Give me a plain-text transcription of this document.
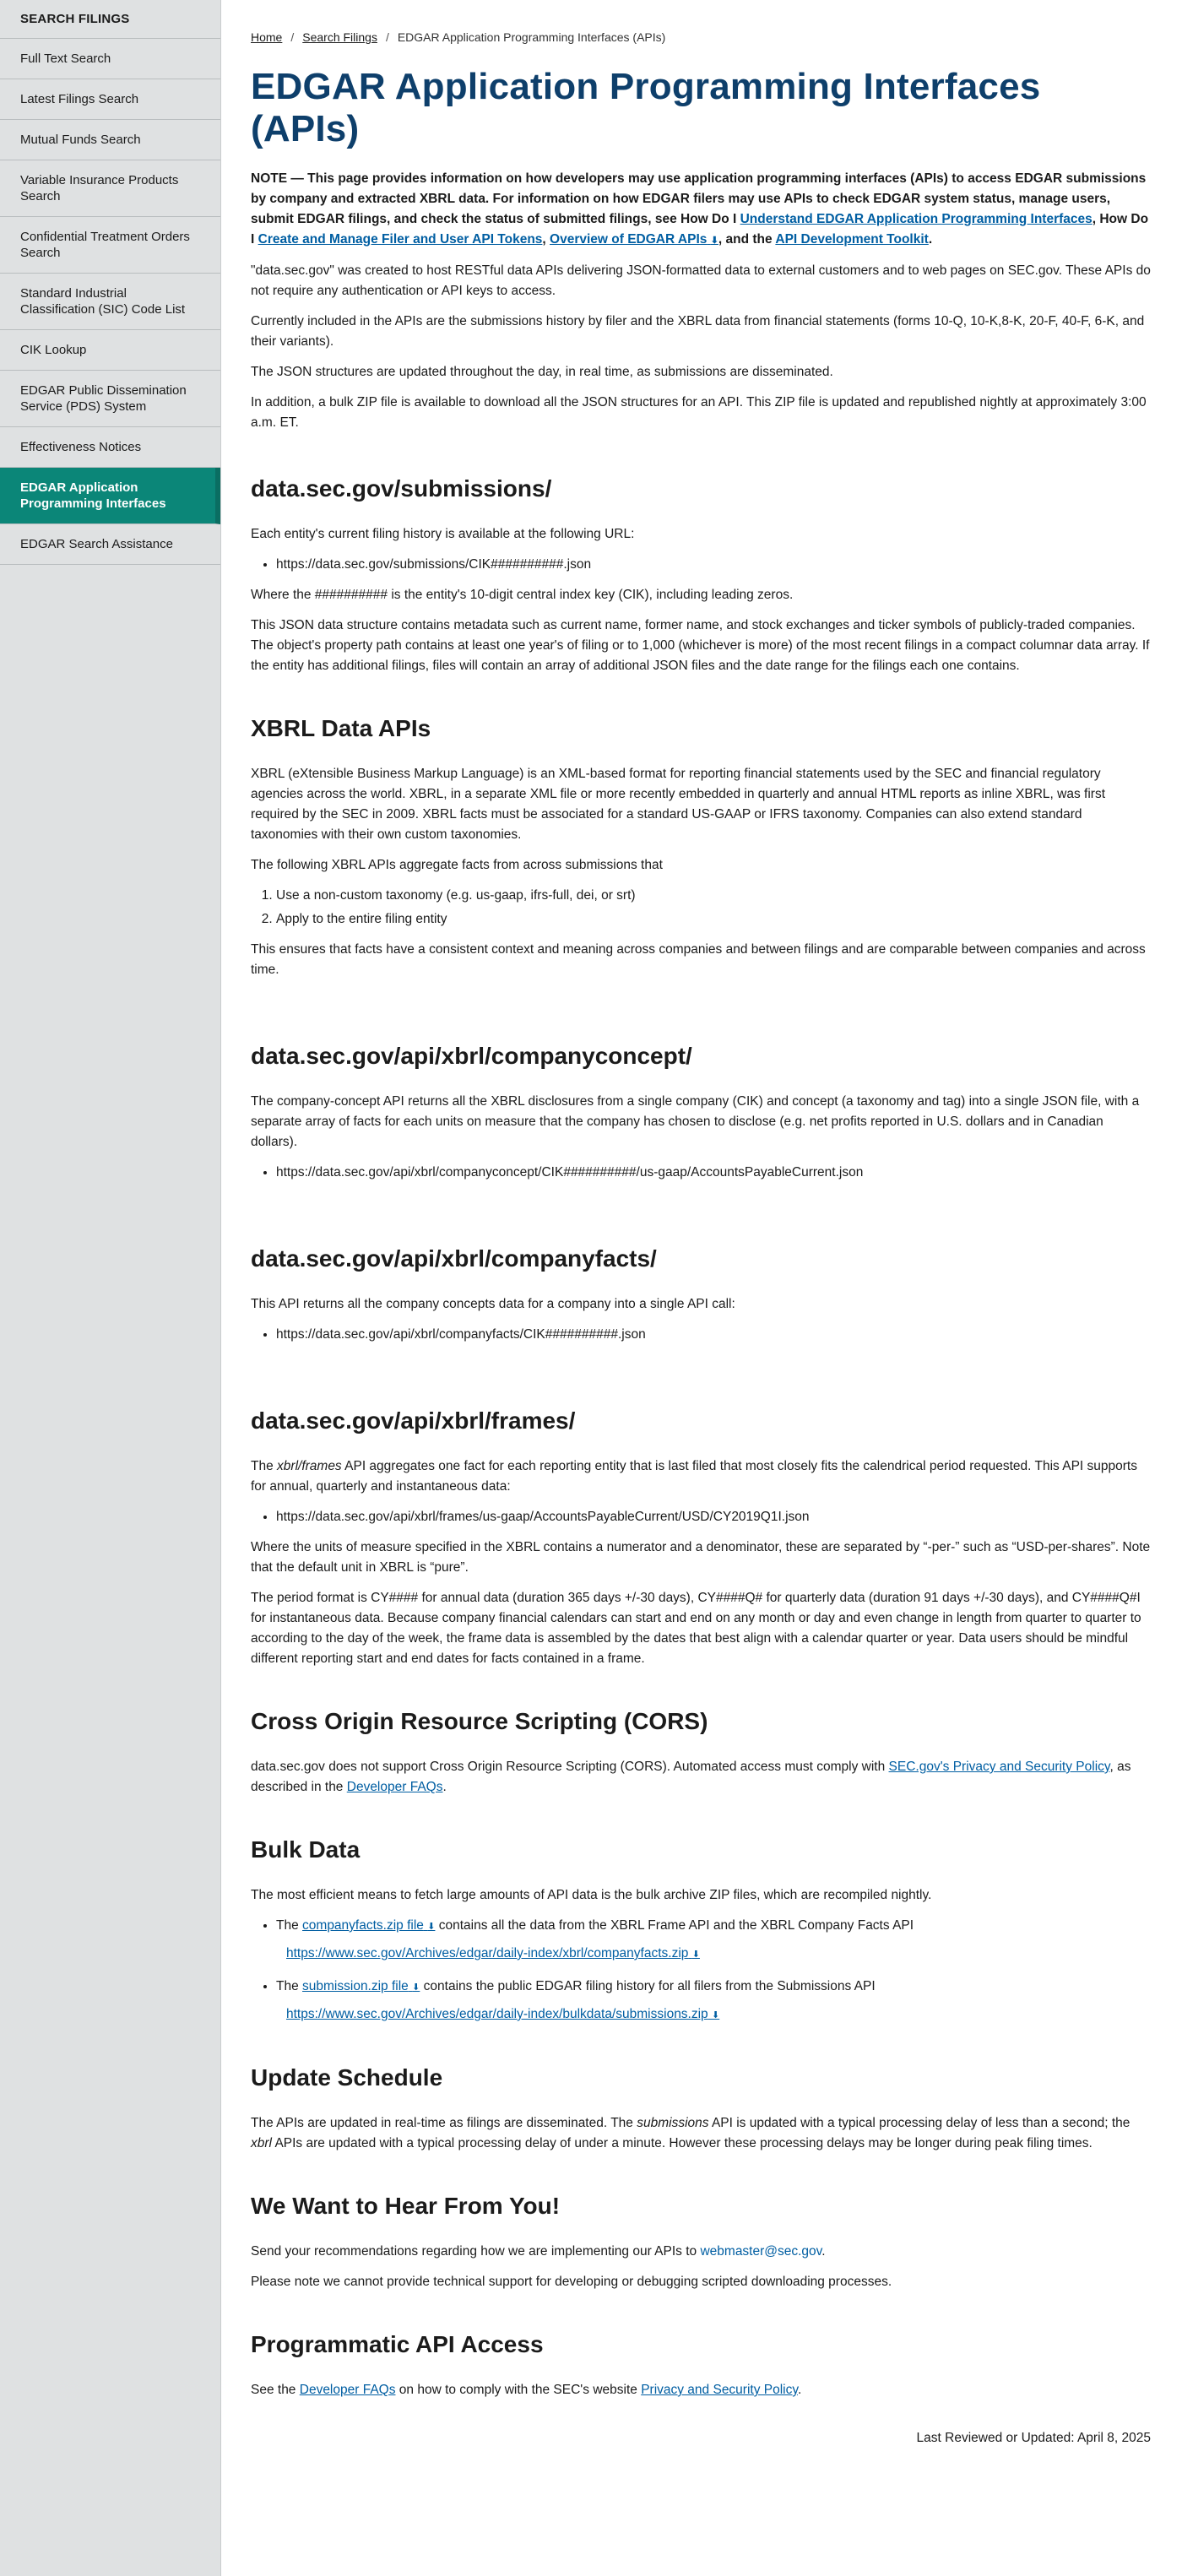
SEARCH FILINGS
Full Text Search
Latest Filings Search
Mutual Funds Search
Variable Insurance Products Search
Confidential Treatment Orders Search
Standard Industrial Classification (SIC) Code List
CIK Lookup
EDGAR Public Dissemination Service (PDS) System
Effectiveness Notices
EDGAR Application Programming Interfaces
EDGAR Search Assistance
Home / Search Filings / EDGAR Application Programming Interfaces (APIs)
EDGAR Application Programming Interfaces (APIs)

NOTE — This page provides information on how developers may use application programming interfaces (APIs) to access EDGAR submissions by company and extracted XBRL data. For information on how EDGAR filers may use APIs to check EDGAR system status, manage users, submit EDGAR filings, and check the status of submitted filings, see How Do I Understand EDGAR Application Programming Interfaces, How Do I Create and Manage Filer and User API Tokens, Overview of EDGAR APIs ⬇, and the API Development Toolkit.

"data.sec.gov" was created to host RESTful data APIs delivering JSON-formatted data to external customers and to web pages on SEC.gov. These APIs do not require any authentication or API keys to access.

Currently included in the APIs are the submissions history by filer and the XBRL data from financial statements (forms 10-Q, 10-K,8-K, 20-F, 40-F, 6-K, and their variants).

The JSON structures are updated throughout the day, in real time, as submissions are disseminated.

In addition, a bulk ZIP file is available to download all the JSON structures for an API. This ZIP file is updated and republished nightly at approximately 3:00 a.m. ET.

data.sec.gov/submissions/

Each entity's current filing history is available at the following URL:

• https://data.sec.gov/submissions/CIK##########.json

Where the ########## is the entity's 10-digit central index key (CIK), including leading zeros.

This JSON data structure contains metadata such as current name, former name, and stock exchanges and ticker symbols of publicly-traded companies. The object's property path contains at least one year's of filing or to 1,000 (whichever is more) of the most recent filings in a compact columnar data array. If the entity has additional filings, files will contain an array of additional JSON files and the date range for the filings each one contains.

XBRL Data APIs

XBRL (eXtensible Business Markup Language) is an XML-based format for reporting financial statements used by the SEC and financial regulatory agencies across the world. XBRL, in a separate XML file or more recently embedded in quarterly and annual HTML reports as inline XBRL, was first required by the SEC in 2009. XBRL facts must be associated for a standard US-GAAP or IFRS taxonomy. Companies can also extend standard taxonomies with their own custom taxonomies.

The following XBRL APIs aggregate facts from across submissions that

1. Use a non-custom taxonomy (e.g. us-gaap, ifrs-full, dei, or srt)
2. Apply to the entire filing entity

This ensures that facts have a consistent context and meaning across companies and between filings and are comparable between companies and across time.

data.sec.gov/api/xbrl/companyconcept/

The company-concept API returns all the XBRL disclosures from a single company (CIK) and concept (a taxonomy and tag) into a single JSON file, with a separate array of facts for each units on measure that the company has chosen to disclose (e.g. net profits reported in U.S. dollars and in Canadian dollars).

• https://data.sec.gov/api/xbrl/companyconcept/CIK##########/us-gaap/AccountsPayableCurrent.json
data.sec.gov/api/xbrl/companyfacts/

This API returns all the company concepts data for a company into a single API call:

• https://data.sec.gov/api/xbrl/companyfacts/CIK##########.json
data.sec.gov/api/xbrl/frames/

The xbrl/frames API aggregates one fact for each reporting entity that is last filed that most closely fits the calendrical period requested. This API supports for annual, quarterly and instantaneous data:

• https://data.sec.gov/api/xbrl/frames/us-gaap/AccountsPayableCurrent/USD/CY2019Q1I.json

Where the units of measure specified in the XBRL contains a numerator and a denominator, these are separated by “-per-” such as “USD-per-shares”. Note that the default unit in XBRL is “pure”.

The period format is CY#### for annual data (duration 365 days +/-30 days), CY####Q# for quarterly data (duration 91 days +/-30 days), and CY####Q#I for instantaneous data. Because company financial calendars can start and end on any month or day and even change in length from quarter to quarter to according to the day of the week, the frame data is assembled by the dates that best align with a calendar quarter or year. Data users should be mindful different reporting start and end dates for facts contained in a frame.

Cross Origin Resource Scripting (CORS)

data.sec.gov does not support Cross Origin Resource Scripting (CORS). Automated access must comply with SEC.gov's Privacy and Security Policy, as described in the Developer FAQs.

Bulk Data

The most efficient means to fetch large amounts of API data is the bulk archive ZIP files, which are recompiled nightly.

• The companyfacts.zip file ⬇ contains all the data from the XBRL Frame API and the XBRL Company Facts API

https://www.sec.gov/Archives/edgar/daily-index/xbrl/companyfacts.zip ⬇

• The submission.zip file ⬇ contains the public EDGAR filing history for all filers from the Submissions API

https://www.sec.gov/Archives/edgar/daily-index/bulkdata/submissions.zip ⬇

Update Schedule

The APIs are updated in real-time as filings are disseminated. The submissions API is updated with a typical processing delay of less than a second; the xbrl APIs are updated with a typical processing delay of under a minute. However these processing delays may be longer during peak filing times.

We Want to Hear From You!

Send your recommendations regarding how we are implementing our APIs to webmaster@sec.gov.

Please note we cannot provide technical support for developing or debugging scripted downloading processes.

Programmatic API Access

See the Developer FAQs on how to comply with the SEC's website Privacy and Security Policy.

Last Reviewed or Updated: April 8, 2025
